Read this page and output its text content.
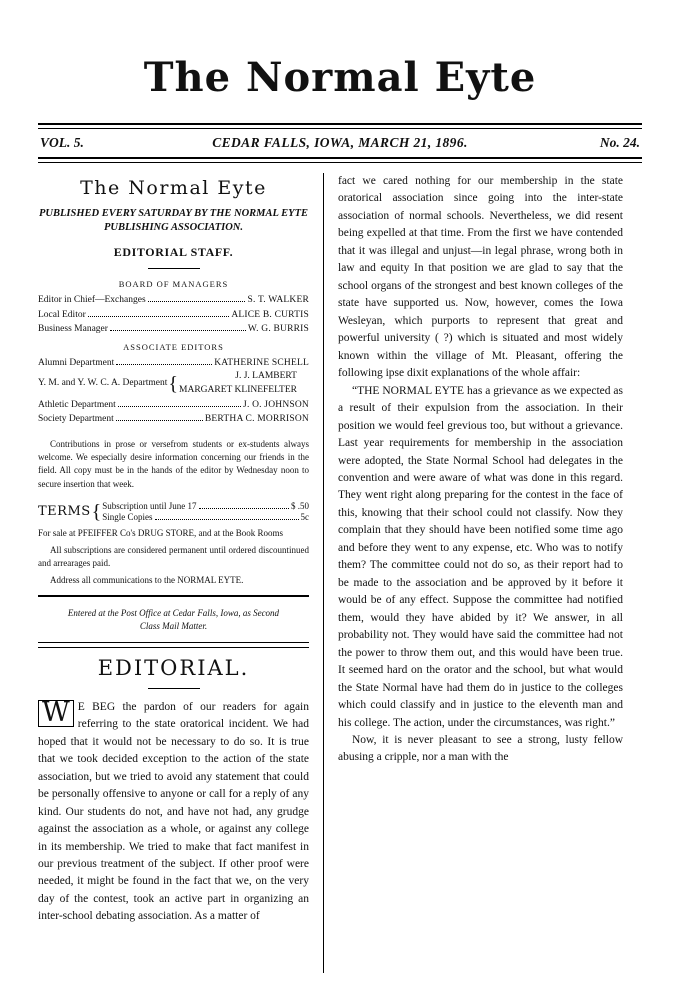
The Normal Eyte
VOL. 5.	CEDAR FALLS, IOWA, MARCH 21, 1896.	No. 24.
The Normal Eyte
PUBLISHED EVERY SATURDAY BY THE NORMAL EYTE
PUBLISHING ASSOCIATION.
EDITORIAL STAFF.
BOARD OF MANAGERS
Editor in Chief—Exchanges	S. T. WALKER
Local Editor	ALICE B. CURTIS
Business Manager	W. G. BURRIS
ASSOCIATE EDITORS
Alumni Department	KATHERINE SCHELL
Y. M. and Y. W. C. A. Department {	J. J. LAMBERT
MARGARET KLINEFELTER
Athletic Department	J. O. JOHNSON
Society Department	BERTHA C. MORRISON
Contributions in prose or versefrom students or ex-students always welcome. We especially desire information concerning our friends in the field. All copy must be in the hands of the editor by Wednesday noon to secure insertion that week.
TERMS { Subscription until June 17	$ .50
Single Copies	5c
For sale at PFEIFFER Co's DRUG STORE, and at the Book Rooms
All subscriptions are considered permanent until ordered discountinued and arrearages paid.
Address all communications to the NORMAL EYTE.
Entered at the Post Office at Cedar Falls, Iowa, as Second
Class Mail Matter.
EDITORIAL.
W E BEG the pardon of our readers for again referring to the state oratorical incident. We had hoped that it would not be necessary to do so. It is true that we took decided exception to the action of the state association, but we tried to avoid any statement that could be personally offensive to anyone or call for a reply of any kind. Our students do not, and have not had, any grudge against the association as a whole, or against any college in its membership. We tried to make that fact manifest in our previous treatment of the subject. If other proof were needed, it might be found in the fact that we, on the very day of the contest, took an active part in organizing an inter-school debating association. As a matter of

fact we cared nothing for our membership in the state oratorical association since going into the inter-state association of normal schools. Nevertheless, we did resent being expelled at that time. From the first we have contended that it was illegal and unjust—in legal phrase, wrong both in law and equity In that position we are glad to say that the school organs of the strongest and best known colleges of the state have supported us. Now, however, comes the Iowa Wesleyan, which purports to represent that great and powerful university ( ?) which is situated and most widely known within the village of Mt. Pleasant, offering the following ipse dixit explanations of the whole affair:

“THE NORMAL EYTE has a grievance as we expected as a result of their expulsion from the association. In their position we would feel grevious too, but without a grievance. Last year requirements for membership in the association were adopted, the State Normal School had delegates in the convention and were aware of what was done in this regard. They went right along preparing for the contest in the face of this, knowing that their school could not classify. Now they complain that they should have been notified some time ago and before they went to any expense, etc. Who was to notify them? The committee could not do so, as their report had to be made to the association and be approved by it before it would be of any effect. Suppose the committee had notified them, would they have abided by it? We answer, in all probability not. They would have said the committee had not the power to throw them out, and this would have been true. It seemed hard on the orator and the school, but what would the State Normal have had them do in justice to the colleges which could classify and in justice to the eleventh man and his college. The action, under the circumstances, was right.”

Now, it is never pleasant to see a strong, lusty fellow abusing a cripple, nor a man with the
